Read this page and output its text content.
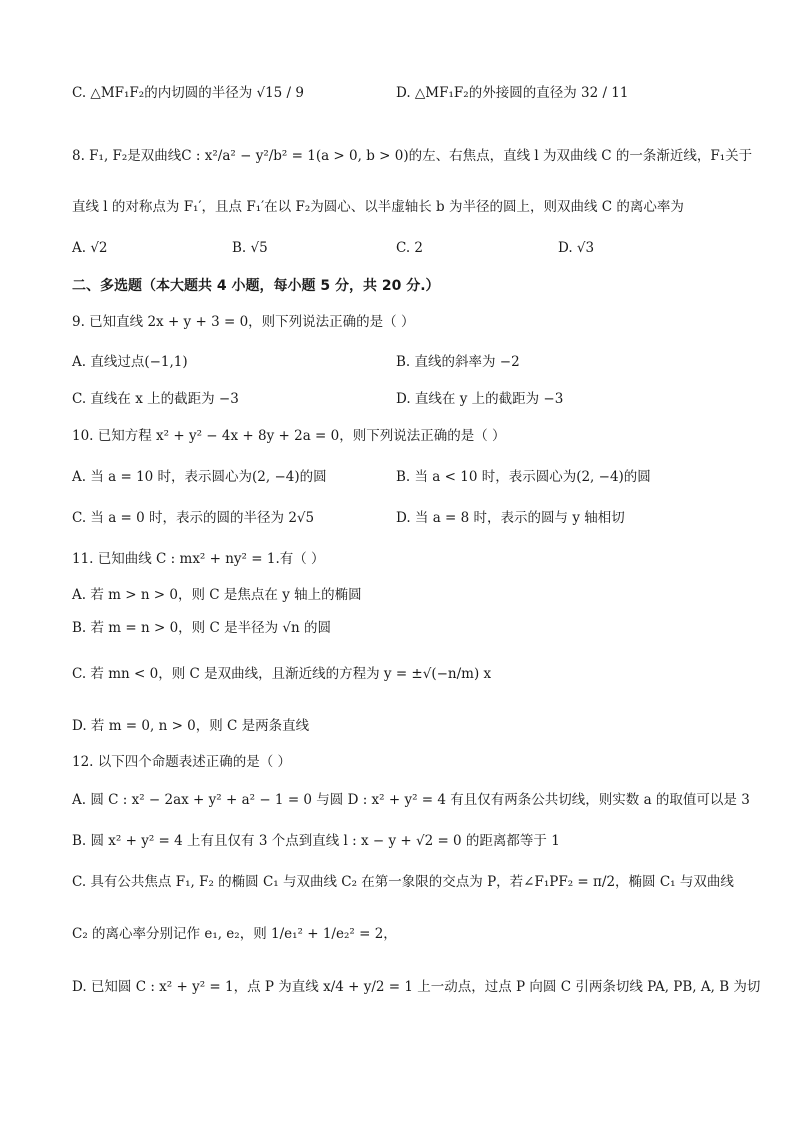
C. △MF₁F₂的内切圆的半径为 √15 / 9	D. △MF₁F₂的外接圆的直径为 32 / 11
8. F₁, F₂是双曲线C : x²/a² − y²/b² = 1(a > 0, b > 0)的左、右焦点，直线 l 为双曲线 C 的一条渐近线，F₁关于
直线 l 的对称点为 F₁′，且点 F₁′在以 F₂为圆心、以半虚轴长 b 为半径的圆上，则双曲线 C 的离心率为
A. √2	B. √5	C. 2	D. √3
二、多选题（本大题共 4 小题，每小题 5 分，共 20 分.）
9. 已知直线 2x + y + 3 = 0，则下列说法正确的是（ ）
A. 直线过点(−1,1)	B. 直线的斜率为 −2
C. 直线在 x 上的截距为 −3	D. 直线在 y 上的截距为 −3
10. 已知方程 x² + y² − 4x + 8y + 2a = 0，则下列说法正确的是（ ）
A. 当 a = 10 时，表示圆心为(2, −4)的圆	B. 当 a < 10 时，表示圆心为(2, −4)的圆
C. 当 a = 0 时，表示的圆的半径为 2√5	D. 当 a = 8 时，表示的圆与 y 轴相切
11. 已知曲线 C : mx² + ny² = 1.有（ ）
A. 若 m > n > 0，则 C 是焦点在 y 轴上的椭圆
B. 若 m = n > 0，则 C 是半径为 √n 的圆
C. 若 mn < 0，则 C 是双曲线，且渐近线的方程为 y = ±√(−n/m) x
D. 若 m = 0, n > 0，则 C 是两条直线
12. 以下四个命题表述正确的是（ ）
A. 圆 C : x² − 2ax + y² + a² − 1 = 0 与圆 D : x² + y² = 4 有且仅有两条公共切线，则实数 a 的取值可以是 3
B. 圆 x² + y² = 4 上有且仅有 3 个点到直线 l : x − y + √2 = 0 的距离都等于 1
C. 具有公共焦点 F₁, F₂ 的椭圆 C₁ 与双曲线 C₂ 在第一象限的交点为 P，若∠F₁PF₂ = π/2，椭圆 C₁ 与双曲线
C₂ 的离心率分别记作 e₁, e₂，则 1/e₁² + 1/e₂² = 2，
D. 已知圆 C : x² + y² = 1，点 P 为直线 x/4 + y/2 = 1 上一动点，过点 P 向圆 C 引两条切线 PA, PB, A, B 为切
